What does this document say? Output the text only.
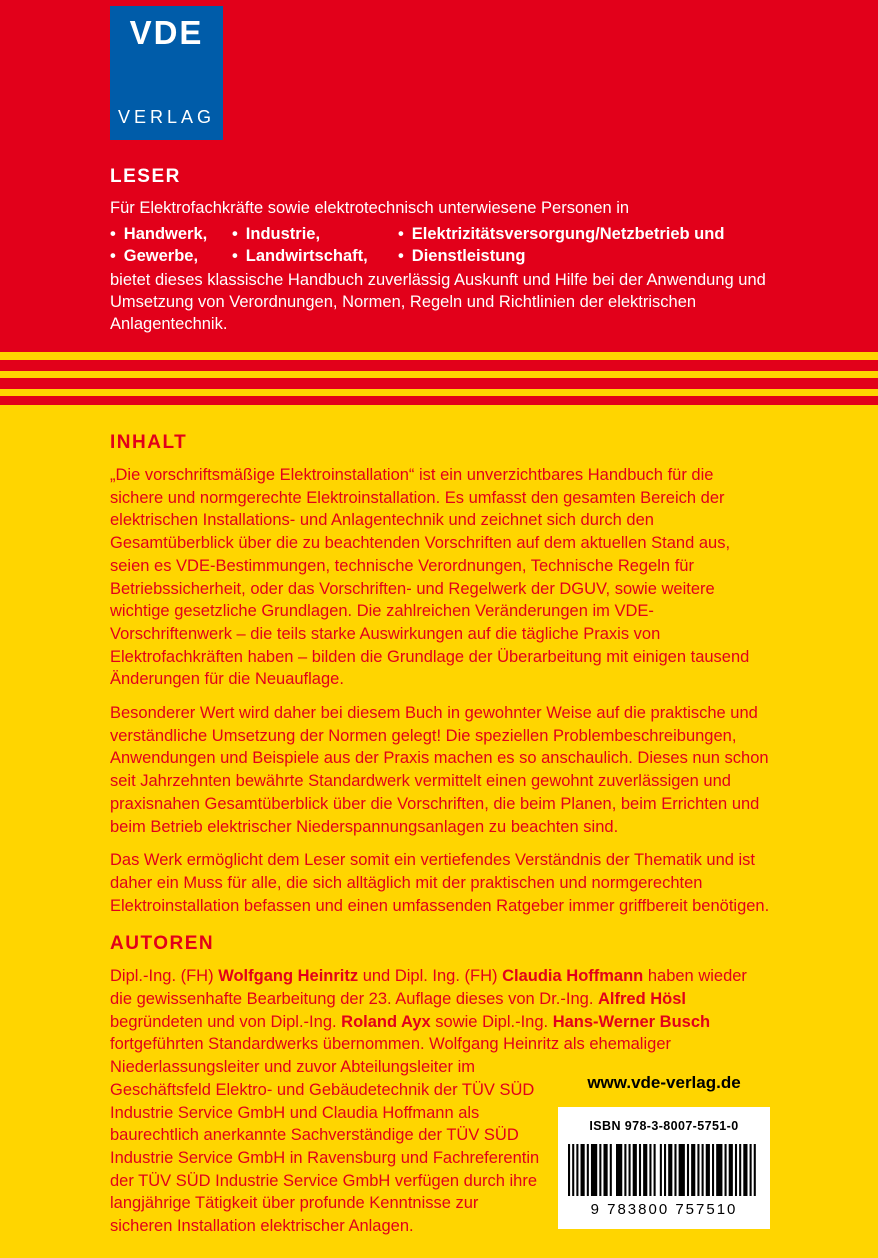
VDE
VERLAG
LESER

Für Elektrofachkräfte sowie elektrotechnisch unterwiesene Personen in

• Handwerk,	• Industrie,	• Elektrizitätsversorgung/Netzbetrieb und
• Gewerbe,	• Landwirtschaft,	• Dienstleistung

bietet dieses klassische Handbuch zuverlässig Auskunft und Hilfe bei der Anwendung und Umsetzung von Verordnungen, Normen, Regeln und Richtlinien der elektrischen Anlagentechnik.

INHALT

„Die vorschriftsmäßige Elektroinstallation“ ist ein unverzichtbares Handbuch für die sichere und normgerechte Elektroinstallation. Es umfasst den gesamten Bereich der elektrischen Installations- und Anlagentechnik und zeichnet sich durch den Gesamtüberblick über die zu beachtenden Vorschriften auf dem aktuellen Stand aus, seien es VDE-Bestimmungen, technische Verordnungen, Technische Regeln für Betriebssicherheit, oder das Vorschriften- und Regelwerk der DGUV, sowie weitere wichtige gesetzliche Grundlagen. Die zahlreichen Veränderungen im VDE-Vorschriftenwerk – die teils starke Auswirkungen auf die tägliche Praxis von Elektrofachkräften haben – bilden die Grundlage der Überarbeitung mit einigen tausend Änderungen für die Neuauflage.

Besonderer Wert wird daher bei diesem Buch in gewohnter Weise auf die praktische und verständliche Umsetzung der Normen gelegt! Die speziellen Problembeschreibungen, Anwendungen und Beispiele aus der Praxis machen es so anschaulich. Dieses nun schon seit Jahrzehnten bewährte Standardwerk vermittelt einen gewohnt zuverlässigen und praxisnahen Gesamtüberblick über die Vorschriften, die beim Planen, beim Errichten und beim Betrieb elektrischer Niederspannungsanlagen zu beachten sind.

Das Werk ermöglicht dem Leser somit ein vertiefendes Verständnis der Thematik und ist daher ein Muss für alle, die sich alltäglich mit der praktischen und normgerechten Elektroinstallation befassen und einen umfassenden Ratgeber immer griffbereit benötigen.

AUTOREN
Dipl.-Ing. (FH) Wolfgang Heinritz und Dipl. Ing. (FH) Claudia Hoffmann haben wieder die gewissenhafte Bearbeitung der 23. Auflage dieses von Dr.-Ing. Alfred Hösl begründeten und von Dipl.-Ing. Roland Ayx sowie Dipl.-Ing. Hans-Werner Busch fortgeführten Standardwerks übernommen. Wolfgang Heinritz als ehemaliger Niederlassungsleiter und
www.vde-verlag.de
ISBN 978-3-8007-5751-0
9 783800 757510
zuvor Abteilungsleiter im Geschäftsfeld Elektro- und Gebäudetechnik der TÜV SÜD Industrie Service GmbH und Claudia Hoffmann als baurechtlich anerkannte Sachverständige der TÜV SÜD Industrie Service GmbH in Ravensburg und Fachreferentin der TÜV SÜD Industrie Service GmbH verfügen durch ihre langjährige Tätigkeit über profunde Kenntnisse zur sicheren Installation elektrischer Anlagen.
